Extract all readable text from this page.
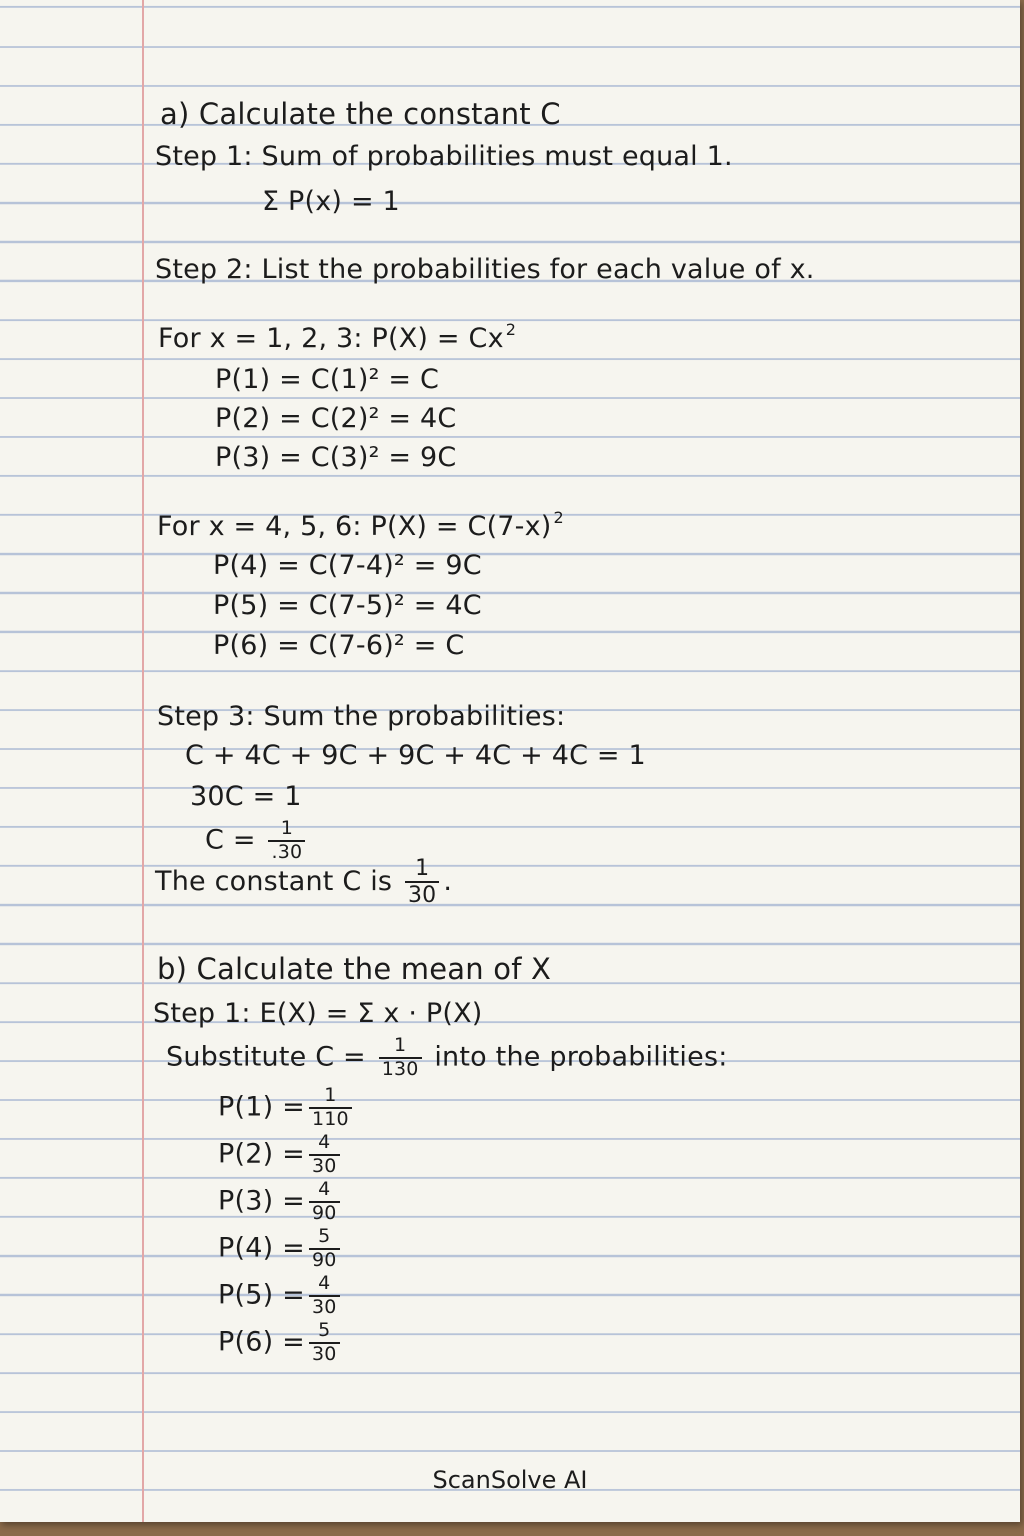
a) Calculate the constant C
Step 1: Sum of probabilities must equal 1.
Σ P(x) = 1
Step 2: List the probabilities for each value of x.
For x = 1, 2, 3: P(X) = Cx $^2$
P(1) = C(1)² = C
P(2) = C(2)² = 4C
P(3) = C(3)² = 9C
For x = 4, 5, 6: P(X) = C(7-x) $^2$
P(4) = C(7-4)² = 9C
P(5) = C(7-5)² = 4C
P(6) = C(7-6)² = C
Step 3: Sum the probabilities:
C + 4C + 9C + 9C + 4C + 4C = 1
30C = 1
$C = \frac{1}{.30}$
The constant C is $\frac{1}{30}$ .
b) Calculate the mean of X
Step 1: E(X) = Σ x · P(X)
Substitute $C = \frac{1}{130}$ into the probabilities:
$P(1) = \frac{1}{110}$
$P(2) = \frac{4}{30}$
$P(3) = \frac{4}{90}$
$P(4) = \frac{5}{90}$
$P(5) = \frac{4}{30}$
$P(6) = \frac{5}{30}$
ScanSolve AI
